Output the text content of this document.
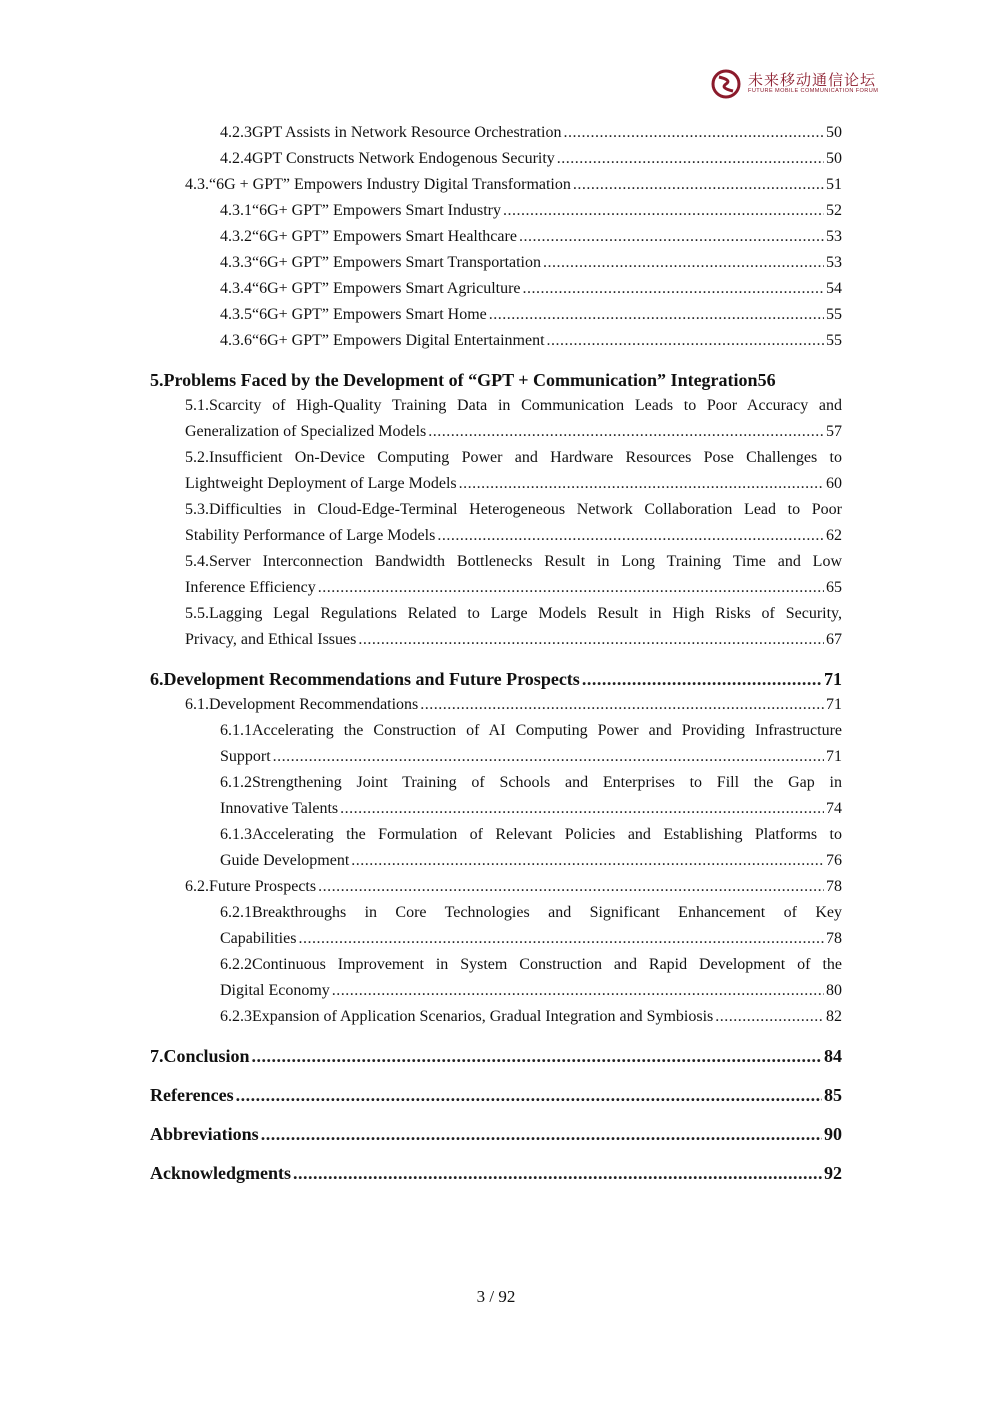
未来移动通信论坛
FUTURE MOBILE COMMUNICATION FORUM
4.2.3GPT Assists in Network Resource Orchestration .....	50
4.2.4GPT Constructs Network Endogenous Security .....	50
4.3.“6G + GPT” Empowers Industry Digital Transformation .....	51
4.3.1“6G+ GPT” Empowers Smart Industry .....	52
4.3.2“6G+ GPT” Empowers Smart Healthcare .....	53
4.3.3“6G+ GPT” Empowers Smart Transportation .....	53
4.3.4“6G+ GPT” Empowers Smart Agriculture .....	54
4.3.5“6G+ GPT” Empowers Smart Home .....	55
4.3.6“6G+ GPT” Empowers Digital Entertainment .....	55
5.Problems Faced by the Development of “GPT + Communication” Integration 56
5.1.Scarcity of High-Quality Training Data in Communication Leads to Poor Accuracy and
Generalization of Specialized Models .....	57
5.2.Insufficient On-Device Computing Power and Hardware Resources Pose Challenges to
Lightweight Deployment of Large Models .....	60
5.3.Difficulties in Cloud-Edge-Terminal Heterogeneous Network Collaboration Lead to Poor
Stability Performance of Large Models .....	62
5.4.Server Interconnection Bandwidth Bottlenecks Result in Long Training Time and Low
Inference Efficiency .....	65
5.5.Lagging Legal Regulations Related to Large Models Result in High Risks of Security,
Privacy, and Ethical Issues .....	67
6.Development Recommendations and Future Prospects .....	71
6.1.Development Recommendations .....	71
6.1.1Accelerating the Construction of AI Computing Power and Providing Infrastructure
Support .....	71
6.1.2Strengthening Joint Training of Schools and Enterprises to Fill the Gap in
Innovative Talents .....	74
6.1.3Accelerating the Formulation of Relevant Policies and Establishing Platforms to
Guide Development .....	76
6.2.Future Prospects .....	78
6.2.1Breakthroughs in Core Technologies and Significant Enhancement of Key
Capabilities .....	78
6.2.2Continuous Improvement in System Construction and Rapid Development of the
Digital Economy .....	80
6.2.3Expansion of Application Scenarios, Gradual Integration and Symbiosis .....	82
7.Conclusion .....	84
References .....	85
Abbreviations .....	90
Acknowledgments .....	92
3 / 92
